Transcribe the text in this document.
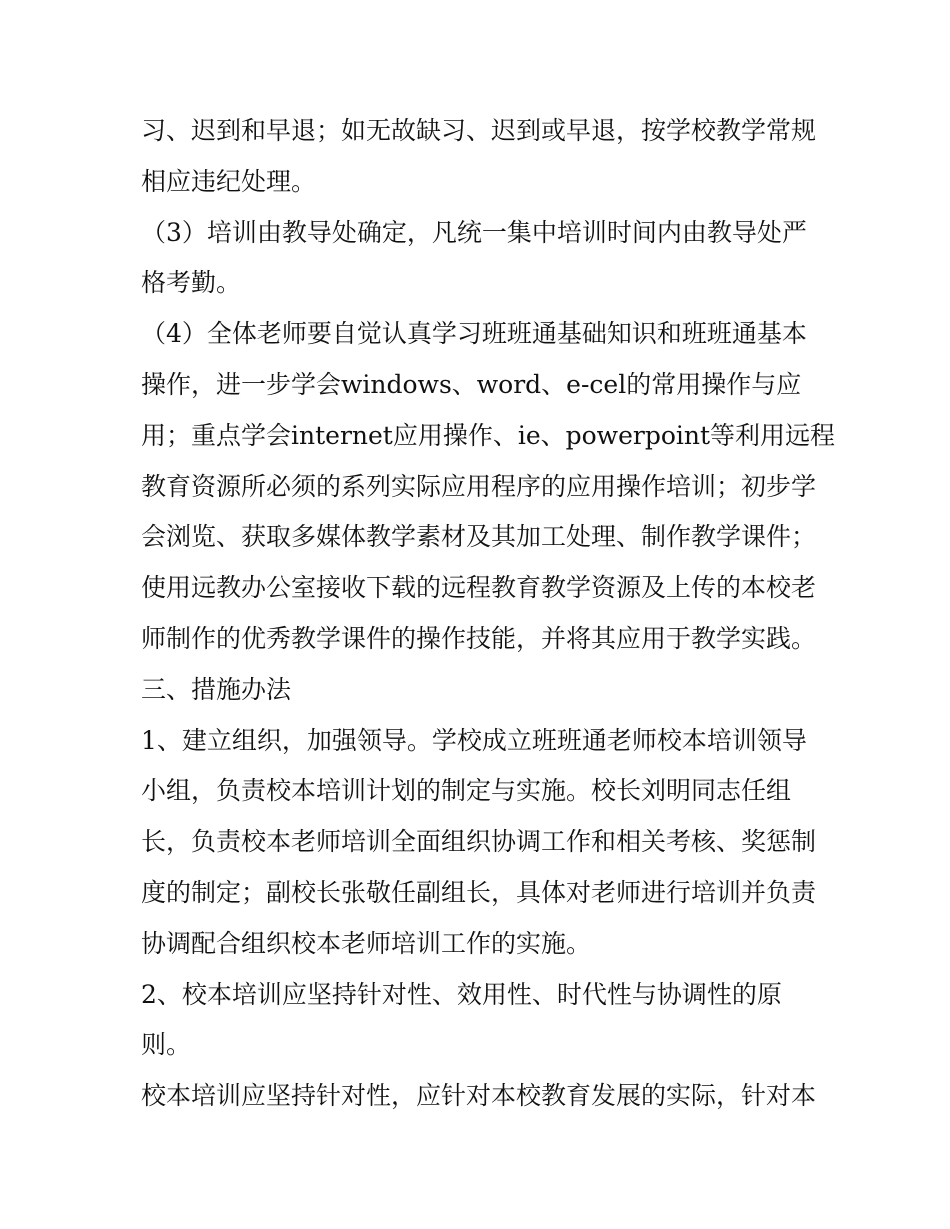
习、迟到和早退；如无故缺习、迟到或早退，按学校教学常规
相应违纪处理。
（3）培训由教导处确定，凡统一集中培训时间内由教导处严
格考勤。
（4）全体老师要自觉认真学习班班通基础知识和班班通基本
操作，进一步学会windows、word、e-cel的常用操作与应
用；重点学会internet应用操作、ie、powerpoint等利用远程
教育资源所必须的系列实际应用程序的应用操作培训；初步学
会浏览、获取多媒体教学素材及其加工处理、制作教学课件；
使用远教办公室接收下载的远程教育教学资源及上传的本校老
师制作的优秀教学课件的操作技能，并将其应用于教学实践。
三、措施办法
1、建立组织，加强领导。学校成立班班通老师校本培训领导
小组，负责校本培训计划的制定与实施。校长刘明同志任组
长，负责校本老师培训全面组织协调工作和相关考核、奖惩制
度的制定；副校长张敬任副组长，具体对老师进行培训并负责
协调配合组织校本老师培训工作的实施。
2、校本培训应坚持针对性、效用性、时代性与协调性的原
则。
校本培训应坚持针对性，应针对本校教育发展的实际，针对本
